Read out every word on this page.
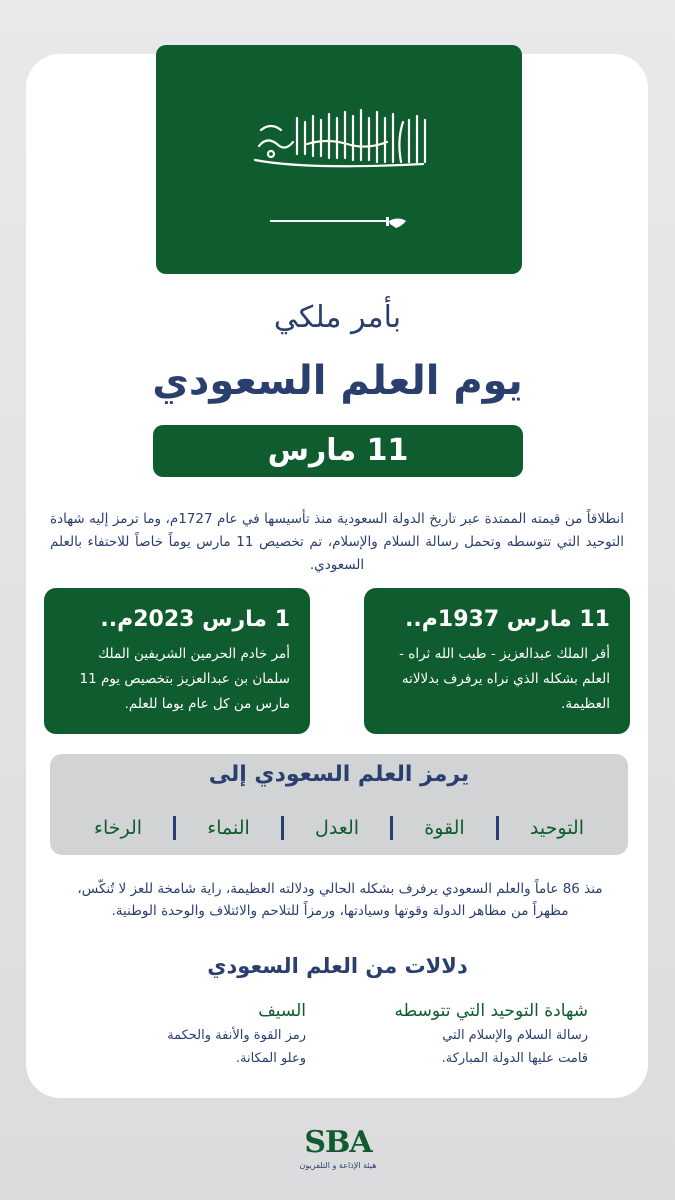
بأمر ملكي
يوم العلم السعودي
11 مارس

انطلاقاً من قيمته الممتدة عبر تاريخ الدولة السعودية منذ تأسيسها في عام 1727م، وما ترمز إليه شهادة التوحيد التي تتوسطه وتحمل رسالة السلام والإسلام، تم تخصيص 11 مارس يوماً خاصاً للاحتفاء بالعلم السعودي.

11 مارس 1937م..

أقر الملك عبدالعزيز - طيب الله ثراه - العلم بشكله الذي نراه يرفرف بدلالاته العظيمة.

1 مارس 2023م..

أمر خادم الحرمين الشريفين الملك سلمان بن عبدالعزيز بتخصيص يوم 11 مارس من كل عام يوما للعلم.

يرمز العلم السعودي إلى
التوحيد
القوة
العدل
النماء
الرخاء

منذ 86 عاماً والعلم السعودي يرفرف بشكله الحالي ودلالته العظيمة، راية شامخة للعز لا تُنكّس، مظهراً من مظاهر الدولة وقوتها وسيادتها، ورمزاً للتلاحم والائتلاف والوحدة الوطنية.

دلالات من العلم السعودي
شهادة التوحيد التي تتوسطه

رسالة السلام والإسلام التي

قامت عليها الدولة المباركة.

السيف

رمز القوة والأنفة والحكمة

وعلو المكانة.

SBA
هيئة الإذاعة و التلفزيون
